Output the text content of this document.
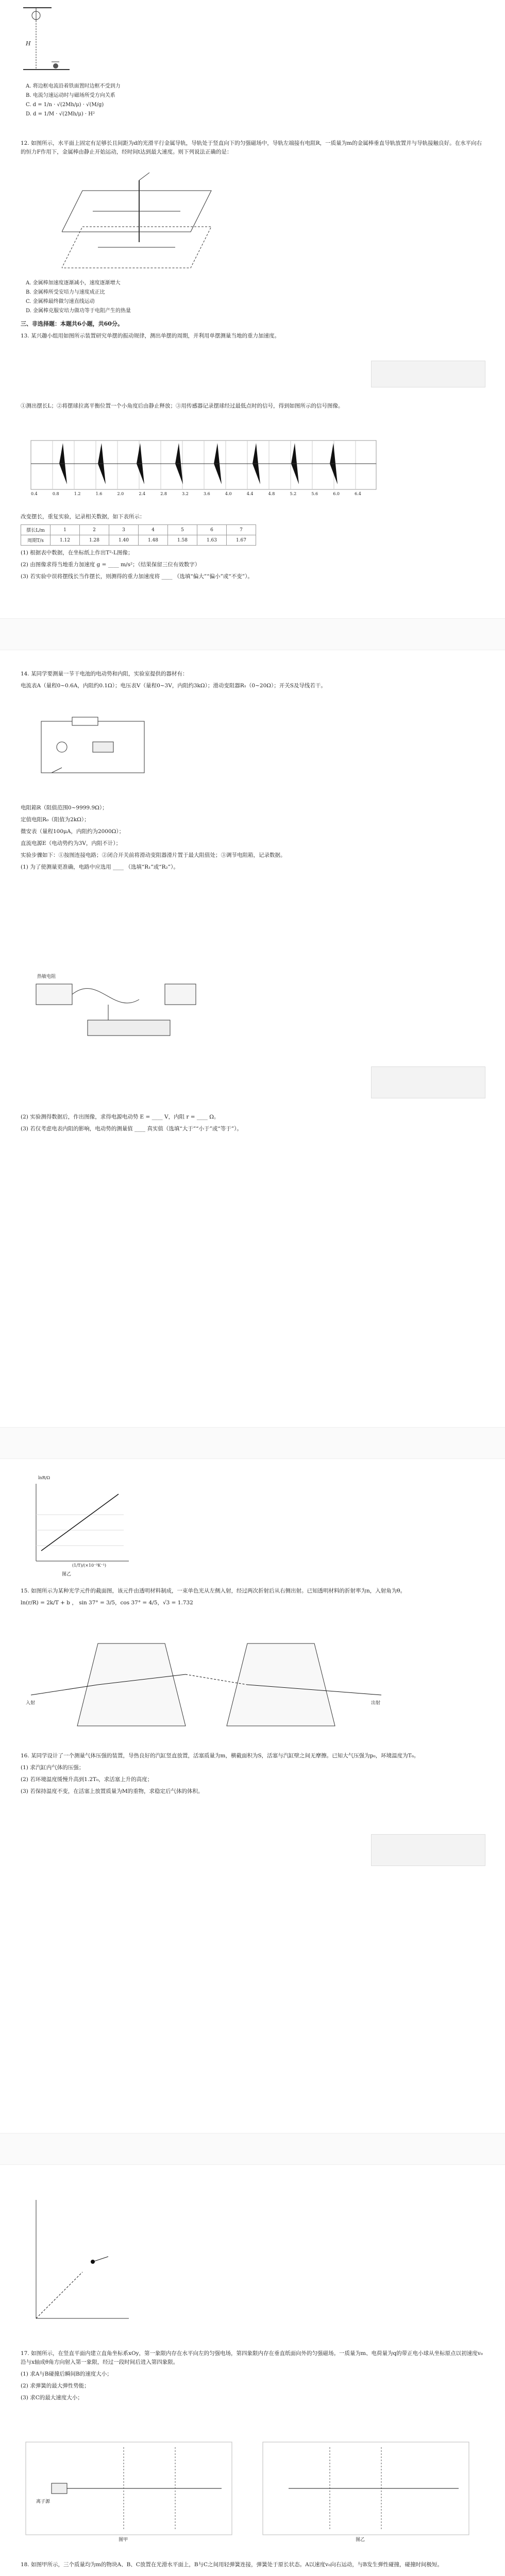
H
A. 将边框电流沿着铁面置时边框不受到力
B. 电流匀速运动时与磁场所受方向关系
C. d = 1/n · √(2Mh/μ) · √(M/g)
D. d = 1/M · √(2Mh/μ) · H²
12. 如图所示，水平面上固定有足够长且间距为d的光滑平行金属导轨，导轨处于竖直向下的匀强磁场中，导轨左端接有电阻R，一质量为m的金属棒垂直导轨放置并与导轨接触良好。在水平向右的恒力F作用下，金属棒由静止开始运动，经时间t达到最大速度。则下列说法正确的是：
A. 金属棒加速度逐渐减小，速度逐渐增大
B. 金属棒所受安培力与速度成正比
C. 金属棒最终做匀速直线运动
D. 金属棒克服安培力做功等于电阻产生的热量
三、非选择题：本题共6小题，共60分。
13. 某兴趣小组用如图所示装置研究单摆的振动规律，测出单摆的周期，并利用单摆测量当地的重力加速度。
①测出摆长L；②将摆球拉离平衡位置一个小角度后由静止释放；③用传感器记录摆球经过最低点时的信号，得到如图所示的信号图像。
0.4	0.8	1.2	1.6	2.0	2.4	2.8	3.2	3.6	4.0	4.4	4.8	5.2	5.6	6.0	6.4
改变摆长，重复实验，记录相关数据，如下表所示：
摆长L/m	1	2	3	4	5	6	7
周期T/s	1.12	1.28	1.40	1.48	1.58	1.63	1.67
(1) 根据表中数据，在坐标纸上作出T²-L图像；
(2) 由图像求得当地重力加速度 g = ____ m/s²；（结果保留三位有效数字）
(3) 若实验中误将摆线长当作摆长，则测得的重力加速度将 ____ （选填“偏大”“偏小”或“不变”）。
14. 某同学要测量一节干电池的电动势和内阻，实验室提供的器材有：
电流表A（量程0~0.6A，内阻约0.1Ω）；电压表V（量程0~3V，内阻约3kΩ）；滑动变阻器R₁（0~20Ω）；开关S及导线若干。
电阻箱R（阻值范围0~9999.9Ω）；
定值电阻R₀（阻值为2kΩ）；
微安表（量程100μA，内阻约为2000Ω）；
直流电源E（电动势约为3V，内阻不计）；
实验步骤如下：①按图连接电路；②闭合开关前将滑动变阻器滑片置于最大阻值处；③调节电阻箱，记录数据。
(1) 为了使测量更准确，电路中应选用 ____ （选填“R₁”或“R₂”）。
热敏电阻
(2) 实验测得数据后，作出图像，求得电源电动势 E = ____ V，内阻 r = ____ Ω。
(3) 若仅考虑电表内阻的影响，电动势的测量值 ____ 真实值（选填“大于”“小于”或“等于”）。
lnR/Ω
(1/T)/(×10⁻³K⁻¹)
图乙
15. 如图所示为某种光学元件的截面图，该元件由透明材料制成，一束单色光从左侧入射，经过两次折射后从右侧出射。已知透明材料的折射率为n，入射角为θ。
ln(r/R) = 2k/T + b ， sin 37° = 3/5，cos 37° = 4/5，√3 = 1.732
入射	出射
16. 某同学设计了一个测量气体压强的装置，导热良好的汽缸竖直放置，活塞质量为m，横截面积为S，活塞与汽缸壁之间无摩擦。已知大气压强为p₀，环境温度为T₀。
(1) 求汽缸内气体的压强；
(2) 若环境温度缓慢升高到1.2T₀，求活塞上升的高度；
(3) 若保持温度不变，在活塞上放置质量为M的重物，求稳定后气体的体积。
17. 如图所示，在竖直平面内建立直角坐标系xOy，第一象限内存在水平向左的匀强电场，第四象限内存在垂直纸面向外的匀强磁场。一质量为m、电荷量为q的带正电小球从坐标原点以初速度v₀沿与x轴成θ角方向射入第一象限，经过一段时间后进入第四象限。
(1) 求A与B碰撞后瞬间B的速度大小；
(2) 求弹簧的最大弹性势能；
(3) 求C的最大速度大小；
离子源
图甲	图乙
18. 如图甲所示，三个质量均为m的物块A、B、C放置在光滑水平面上，B与C之间用轻弹簧连接，弹簧处于原长状态。A以速度v₀向右运动，与B发生弹性碰撞，碰撞时间极短。
